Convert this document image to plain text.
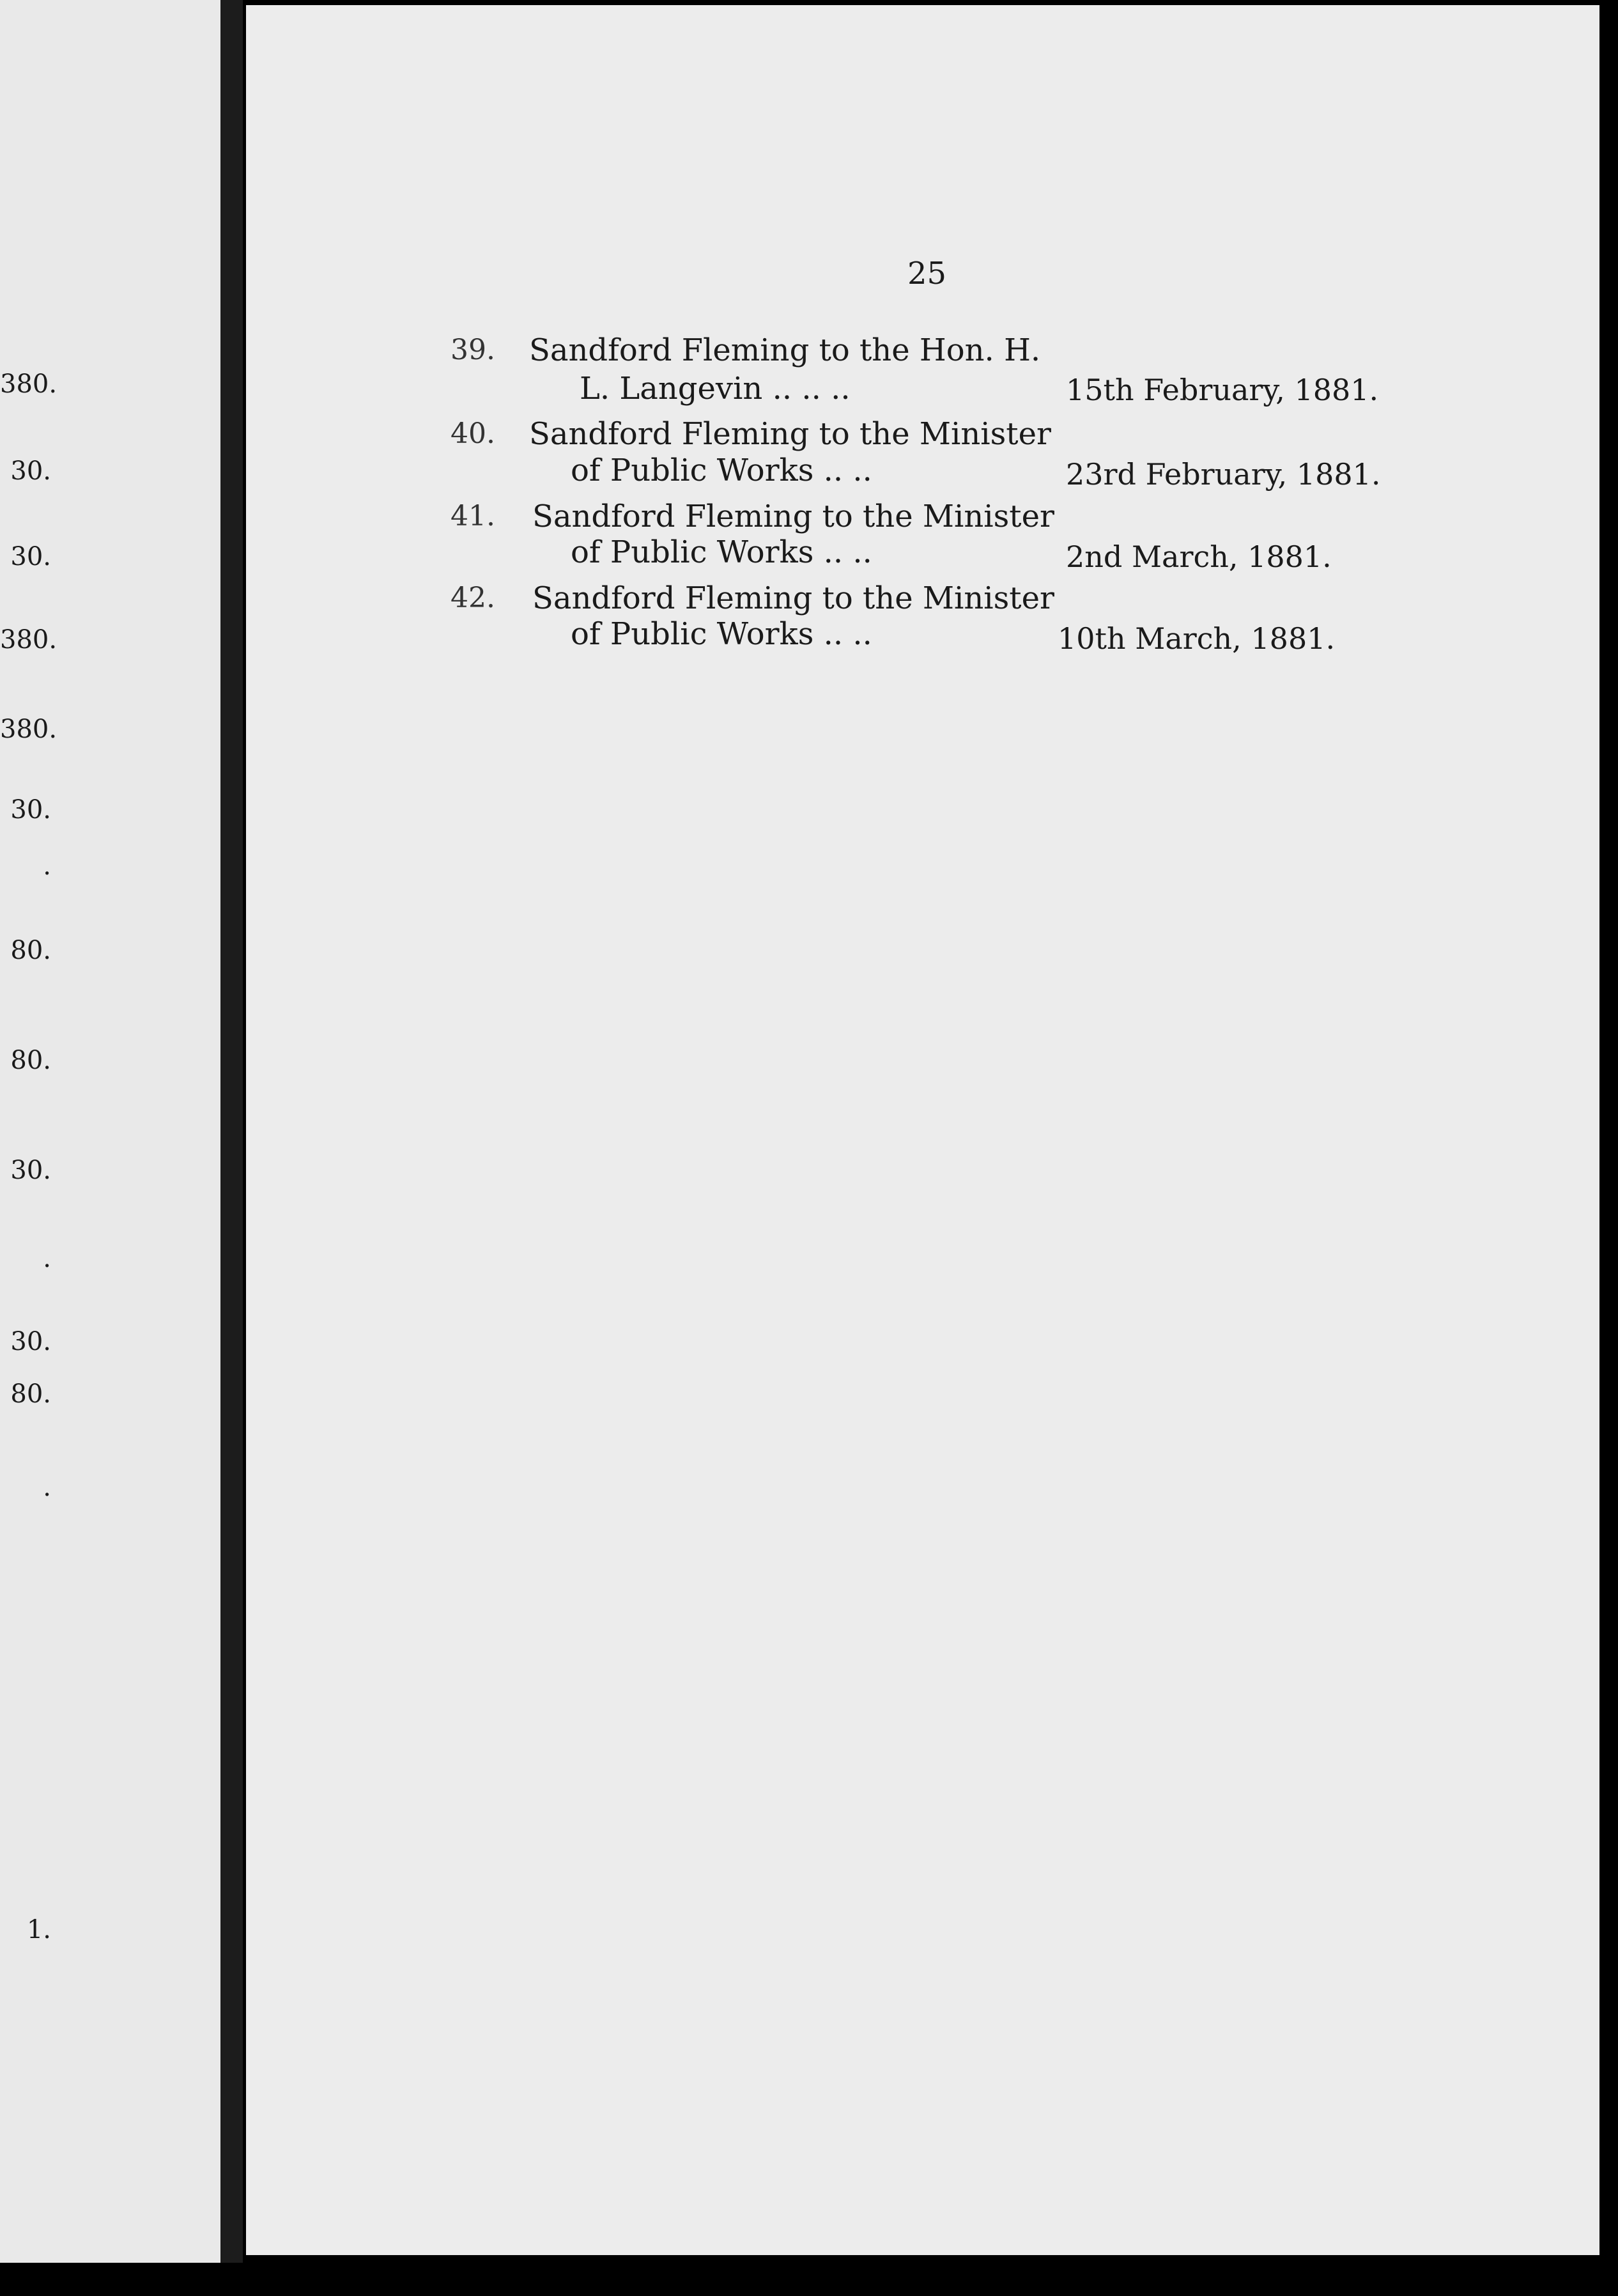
380.
30.
30.
380.
380.
30.
.
80.
80.
30.
.
30.
80.
.
1.
25
39. Sandford Fleming to the Hon. H.
L. Langevin .. .. ..	15th February, 1881.
40. Sandford Fleming to the Minister
of Public Works .. ..	23rd February, 1881.
41. Sandford Fleming to the Minister
of Public Works .. ..	2nd March, 1881.
42. Sandford Fleming to the Minister
of Public Works .. ..	10th March, 1881.
